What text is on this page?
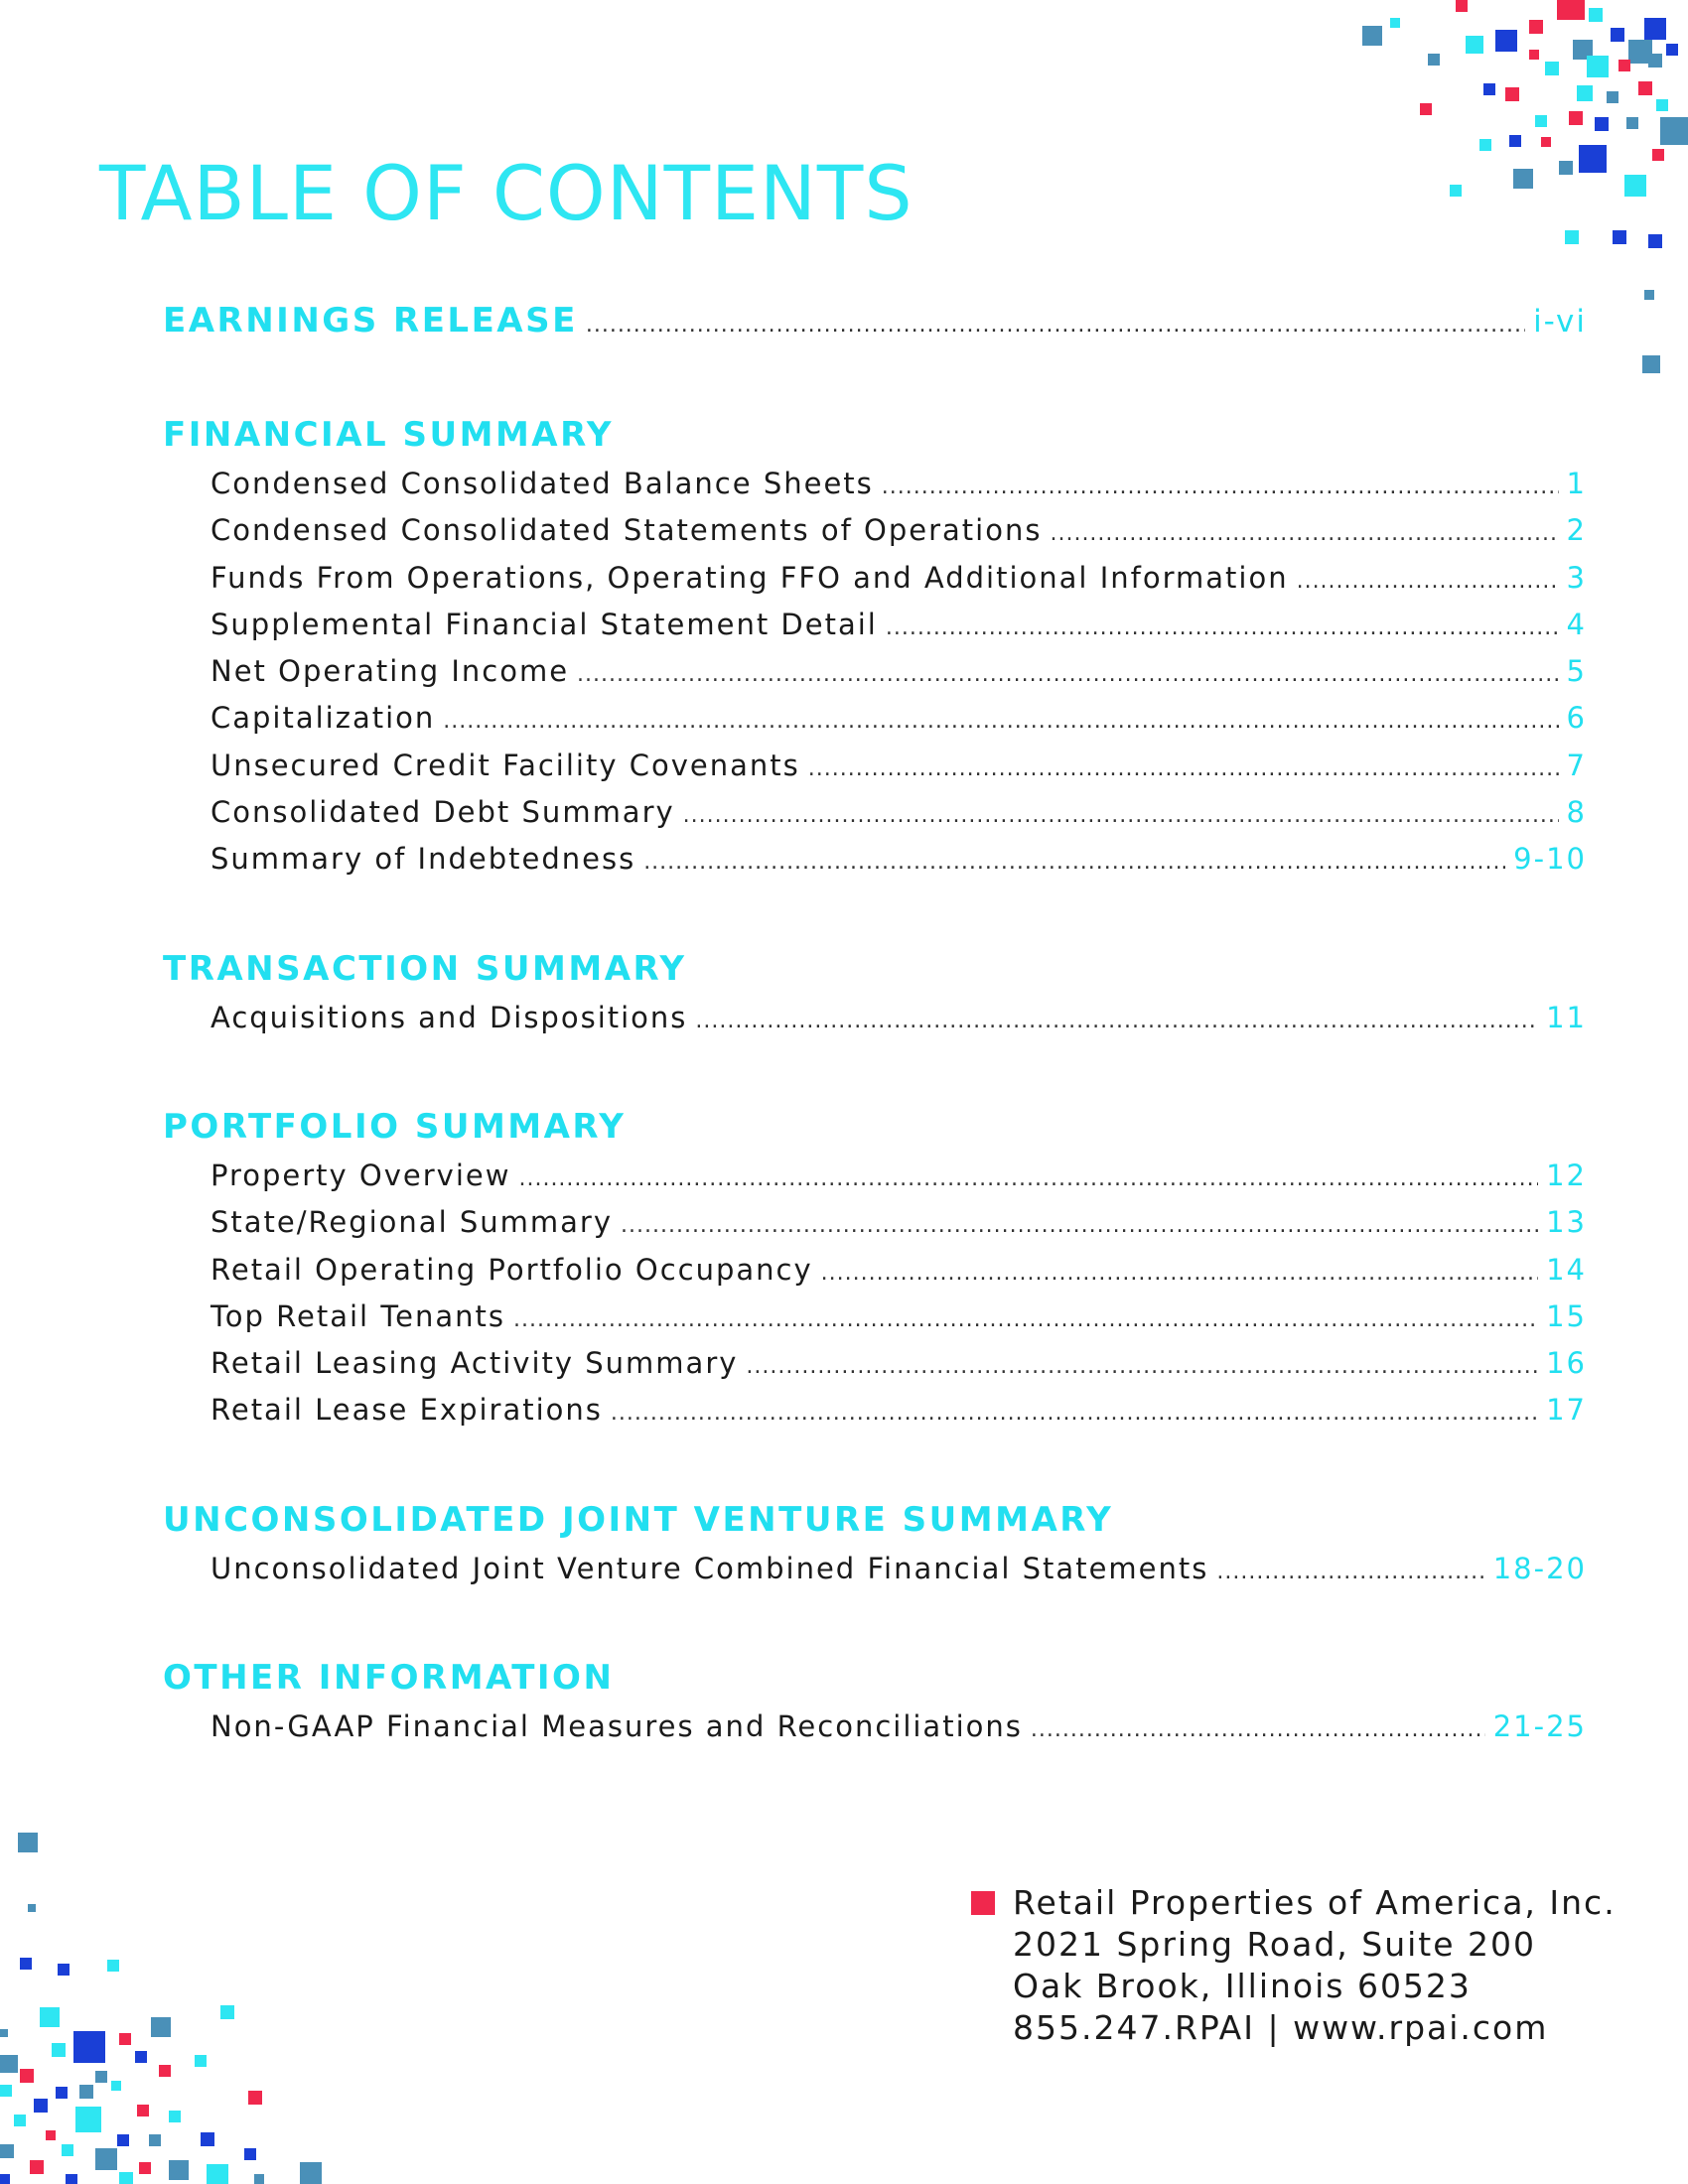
TABLE OF CONTENTS
EARNINGS RELEASE .....	i-vi
FINANCIAL SUMMARY
Condensed Consolidated Balance Sheets .....	1
Condensed Consolidated Statements of Operations .....	2
Funds From Operations, Operating FFO and Additional Information .....	3
Supplemental Financial Statement Detail .....	4
Net Operating Income .....	5
Capitalization .....	6
Unsecured Credit Facility Covenants .....	7
Consolidated Debt Summary .....	8
Summary of Indebtedness .....	9-10
TRANSACTION SUMMARY
Acquisitions and Dispositions .....	11
PORTFOLIO SUMMARY
Property Overview .....	12
State/Regional Summary .....	13
Retail Operating Portfolio Occupancy .....	14
Top Retail Tenants .....	15
Retail Leasing Activity Summary .....	16
Retail Lease Expirations .....	17
UNCONSOLIDATED JOINT VENTURE SUMMARY
Unconsolidated Joint Venture Combined Financial Statements .....	18-20
OTHER INFORMATION
Non-GAAP Financial Measures and Reconciliations .....	21-25
Retail Properties of America, Inc.
2021 Spring Road, Suite 200
Oak Brook, Illinois 60523
855.247.RPAI | www.rpai.com
